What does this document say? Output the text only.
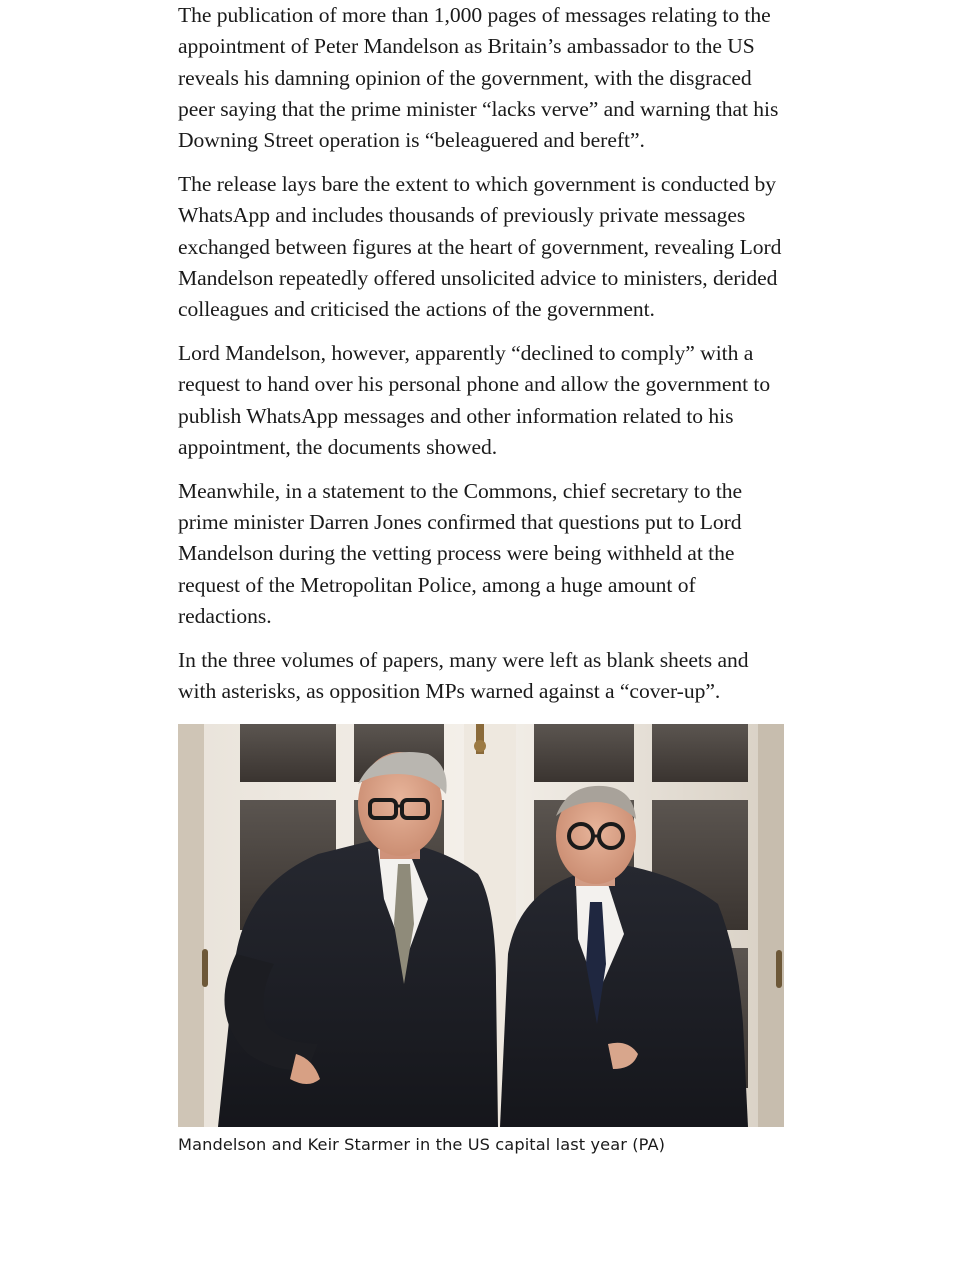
The publication of more than 1,000 pages of messages relating to the appointment of Peter Mandelson as Britain’s ambassador to the US reveals his damning opinion of the government, with the disgraced peer saying that the prime minister “lacks verve” and warning that his Downing Street operation is “beleaguered and bereft”.

The release lays bare the extent to which government is conducted by WhatsApp and includes thousands of previously private messages exchanged between figures at the heart of government, revealing Lord Mandelson repeatedly offered unsolicited advice to ministers, derided colleagues and criticised the actions of the government.

Lord Mandelson, however, apparently “declined to comply” with a request to hand over his personal phone and allow the government to publish WhatsApp messages and other information related to his appointment, the documents showed.

Meanwhile, in a statement to the Commons, chief secretary to the prime minister Darren Jones confirmed that questions put to Lord Mandelson during the vetting process were being withheld at the request of the Metropolitan Police, among a huge amount of redactions.

In the three volumes of papers, many were left as blank sheets and with asterisks, as opposition MPs warned against a “cover-up”.

Mandelson and Keir Starmer in the US capital last year (PA)
